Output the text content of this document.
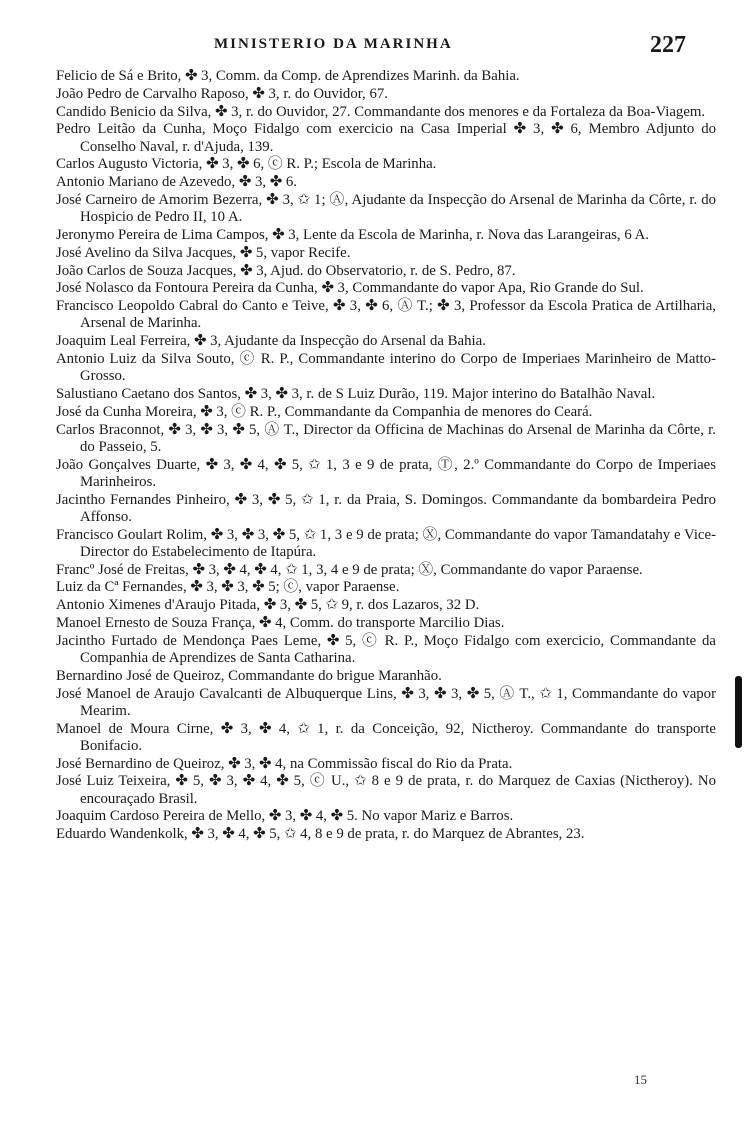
MINISTERIO DA MARINHA	227

Felicio de Sá e Brito, ✤ 3, Comm. da Comp. de Aprendizes Marinh. da Bahia.

João Pedro de Carvalho Raposo, ✤ 3, r. do Ouvidor, 67.

Candido Benicio da Silva, ✤ 3, r. do Ouvidor, 27. Commandante dos menores e da Fortaleza da Boa-Viagem.

Pedro Leitão da Cunha, Moço Fidalgo com exercicio na Casa Imperial ✤ 3, ✤ 6, Membro Adjunto do Conselho Naval, r. d'Ajuda, 139.

Carlos Augusto Victoria, ✤ 3, ✤ 6, ⓒ R. P.; Escola de Marinha.

Antonio Mariano de Azevedo, ✤ 3, ✤ 6.

José Carneiro de Amorim Bezerra, ✤ 3, ✩ 1; Ⓐ, Ajudante da Inspecção do Arsenal de Marinha da Côrte, r. do Hospicio de Pedro II, 10 A.

Jeronymo Pereira de Lima Campos, ✤ 3, Lente da Escola de Marinha, r. Nova das Larangeiras, 6 A.

José Avelino da Silva Jacques, ✤ 5, vapor Recife.

João Carlos de Souza Jacques, ✤ 3, Ajud. do Observatorio, r. de S. Pedro, 87.

José Nolasco da Fontoura Pereira da Cunha, ✤ 3, Commandante do vapor Apa, Rio Grande do Sul.

Francisco Leopoldo Cabral do Canto e Teive, ✤ 3, ✤ 6, Ⓐ T.; ✤ 3, Professor da Escola Pratica de Artilharia, Arsenal de Marinha.

Joaquim Leal Ferreira, ✤ 3, Ajudante da Inspecção do Arsenal da Bahia.

Antonio Luiz da Silva Souto, ⓒ R. P., Commandante interino do Corpo de Imperiaes Marinheiro de Matto-Grosso.

Salustiano Caetano dos Santos, ✤ 3, ✤ 3, r. de S Luiz Durão, 119. Major interino do Batalhão Naval.

José da Cunha Moreira, ✤ 3, ⓒ R. P., Commandante da Companhia de menores do Ceará.

Carlos Braconnot, ✤ 3, ✤ 3, ✤ 5, Ⓐ T., Director da Officina de Machinas do Arsenal de Marinha da Côrte, r. do Passeio, 5.

João Gonçalves Duarte, ✤ 3, ✤ 4, ✤ 5, ✩ 1, 3 e 9 de prata, Ⓣ, 2.º Commandante do Corpo de Imperiaes Marinheiros.

Jacintho Fernandes Pinheiro, ✤ 3, ✤ 5, ✩ 1, r. da Praia, S. Domingos. Commandante da bombardeira Pedro Affonso.

Francisco Goulart Rolim, ✤ 3, ✤ 3, ✤ 5, ✩ 1, 3 e 9 de prata; Ⓧ, Commandante do vapor Tamandatahy e Vice-Director do Estabelecimento de Itapúra.

Francº José de Freitas, ✤ 3, ✤ 4, ✤ 4, ✩ 1, 3, 4 e 9 de prata; Ⓧ, Commandante do vapor Paraense.

Luiz da Cª Fernandes, ✤ 3, ✤ 3, ✤ 5; ⓒ, vapor Paraense.

Antonio Ximenes d'Araujo Pitada, ✤ 3, ✤ 5, ✩ 9, r. dos Lazaros, 32 D.

Manoel Ernesto de Souza França, ✤ 4, Comm. do transporte Marcilio Dias.

Jacintho Furtado de Mendonça Paes Leme, ✤ 5, ⓒ R. P., Moço Fidalgo com exercicio, Commandante da Companhia de Aprendizes de Santa Catharina.

Bernardino José de Queiroz, Commandante do brigue Maranhão.

José Manoel de Araujo Cavalcanti de Albuquerque Lins, ✤ 3, ✤ 3, ✤ 5, Ⓐ T., ✩ 1, Commandante do vapor Mearim.

Manoel de Moura Cirne, ✤ 3, ✤ 4, ✩ 1, r. da Conceição, 92, Nictheroy. Commandante do transporte Bonifacio.

José Bernardino de Queiroz, ✤ 3, ✤ 4, na Commissão fiscal do Rio da Prata.

José Luiz Teixeira, ✤ 5, ✤ 3, ✤ 4, ✤ 5, ⓒ U., ✩ 8 e 9 de prata, r. do Marquez de Caxias (Nictheroy). No encouraçado Brasil.

Joaquim Cardoso Pereira de Mello, ✤ 3, ✤ 4, ✤ 5. No vapor Mariz e Barros.

Eduardo Wandenkolk, ✤ 3, ✤ 4, ✤ 5, ✩ 4, 8 e 9 de prata, r. do Marquez de Abrantes, 23.

15
